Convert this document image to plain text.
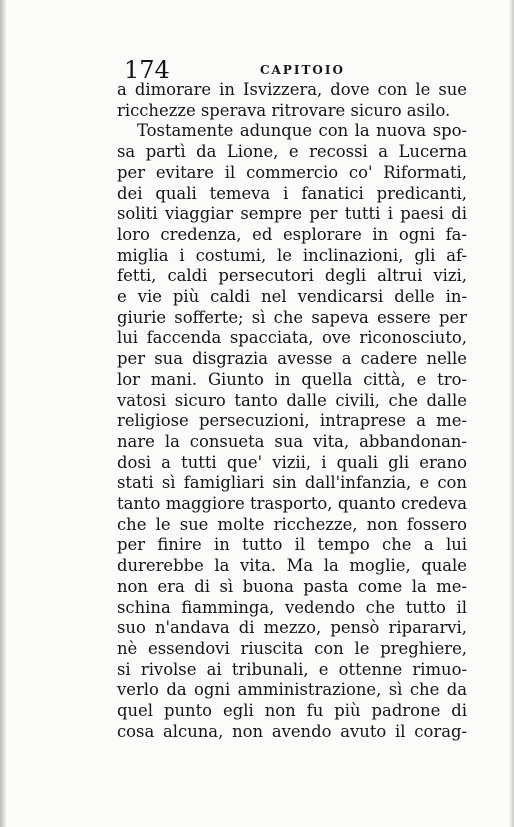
174	CAPITOIO
a dimorare in Isvizzera, dove con le sue
ricchezze sperava ritrovare sicuro asilo.
Tostamente adunque con la nuova spo-
sa partì da Lione, e recossi a Lucerna
per evitare il commercio co' Riformati,
dei quali temeva i fanatici predicanti,
soliti viaggiar sempre per tutti i paesi di
loro credenza, ed esplorare in ogni fa-
miglia i costumi, le inclinazioni, gli af-
fetti, caldi persecutori degli altrui vizi,
e vie più caldi nel vendicarsi delle in-
giurie sofferte; sì che sapeva essere per
lui faccenda spacciata, ove riconosciuto,
per sua disgrazia avesse a cadere nelle
lor mani. Giunto in quella città, e tro-
vatosi sicuro tanto dalle civili, che dalle
religiose persecuzioni, intraprese a me-
nare la consueta sua vita, abbandonan-
dosi a tutti que' vizii, i quali gli erano
stati sì famigliari sin dall'infanzia, e con
tanto maggiore trasporto, quanto credeva
che le sue molte ricchezze, non fossero
per finire in tutto il tempo che a lui
durerebbe la vita. Ma la moglie, quale
non era di sì buona pasta come la me-
schina fiamminga, vedendo che tutto il
suo n'andava di mezzo, pensò ripararvi,
nè essendovi riuscita con le preghiere,
si rivolse ai tribunali, e ottenne rimuo-
verlo da ogni amministrazione, sì che da
quel punto egli non fu più padrone di
cosa alcuna, non avendo avuto il corag-
